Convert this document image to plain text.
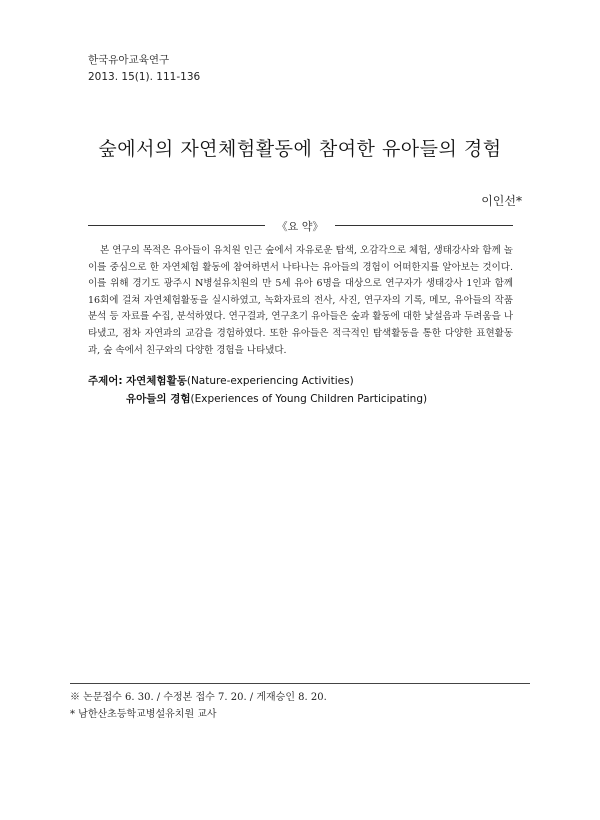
한국유아교육연구
2013. 15(1). 111-136
숲에서의 자연체험활동에 참여한 유아들의 경험
이인선*
《요 약》

본 연구의 목적은 유아들이 유치원 인근 숲에서 자유로운 탐색, 오감각으로 체험, 생태강사와 함께 놀이를 중심으로 한 자연체험 활동에 참여하면서 나타나는 유아들의 경험이 어떠한지를 알아보는 것이다. 이를 위해 경기도 광주시 N병설유치원의 만 5세 유아 6명을 대상으로 연구자가 생태강사 1인과 함께 16회에 걸쳐 자연체험활동을 실시하였고, 녹화자료의 전사, 사진, 연구자의 기록, 메모, 유아들의 작품 분석 등 자료를 수집, 분석하였다. 연구결과, 연구초기 유아들은 숲과 활동에 대한 낯설음과 두려움을 나타냈고, 점차 자연과의 교감을 경험하였다. 또한 유아들은 적극적인 탐색활동을 통한 다양한 표현활동과, 숲 속에서 친구와의 다양한 경험을 나타냈다.

주제어: 자연체험활동(Nature-experiencing Activities)
유아들의 경험(Experiences of Young Children Participating)
※ 논문접수 6. 30. / 수정본 접수 7. 20. / 게재승인 8. 20.
* 남한산초등학교병설유치원 교사
